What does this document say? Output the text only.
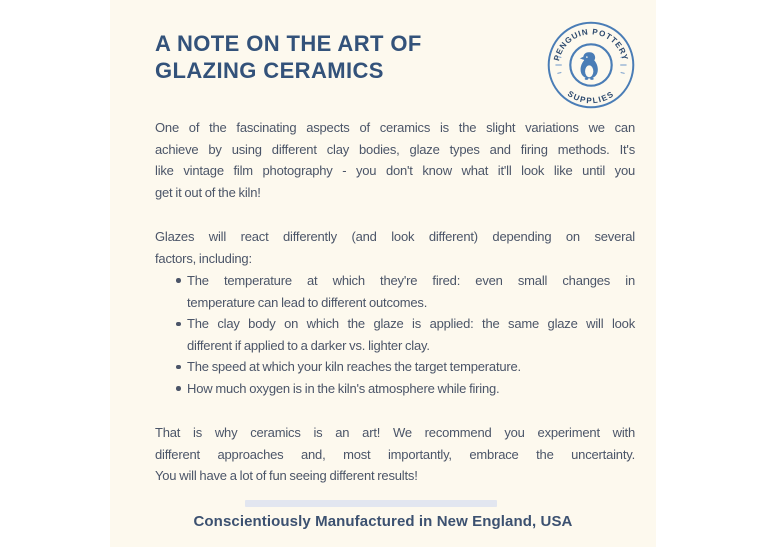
A NOTE ON THE ART OF
GLAZING CERAMICS
PENGUIN POTTERY
SUPPLIES
One of the fascinating aspects of ceramics is the slight variations we can
achieve by using different clay bodies, glaze types and firing methods. It's
like vintage film photography - you don't know what it'll look like until you
get it out of the kiln!
Glazes will react differently (and look different) depending on several
factors, including:
The temperature at which they're fired: even small changes in
temperature can lead to different outcomes.
The clay body on which the glaze is applied: the same glaze will look
different if applied to a darker vs. lighter clay.
The speed at which your kiln reaches the target temperature.
How much oxygen is in the kiln's atmosphere while firing.
That is why ceramics is an art! We recommend you experiment with
different approaches and, most importantly, embrace the uncertainty.
You will have a lot of fun seeing different results!
Conscientiously Manufactured in New England, USA
